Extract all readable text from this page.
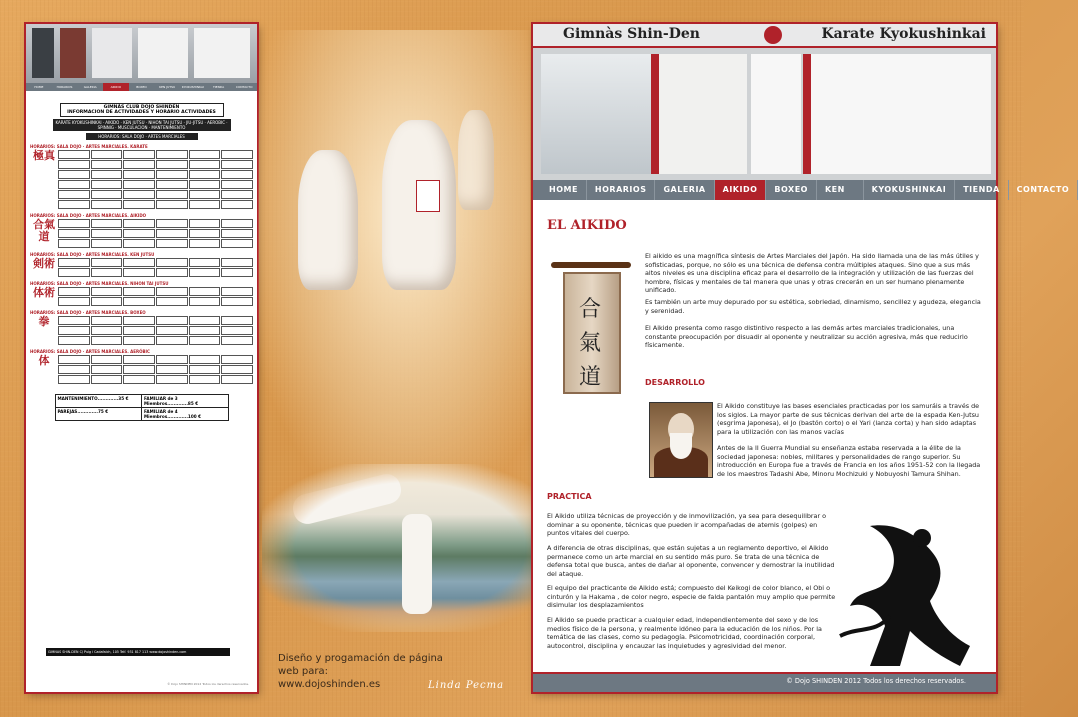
HOME	HORARIOS	GALERIA	AIKIDO	BOXEO	KEN JUTSU	KYOKUSHINKAI	TIENDA	CONTACTO
GIMNÀS CLUB DOJO SHINDEN
INFORMACION DE ACTIVIDADES Y HORARIO ACTIVIDADES
KARATE KYOKUSHINKAI · AIKIDO · KEN JUTSU · NIHON TAI JUTSU · JIU-JITSU · AEROBIC · SPINNIG · MUSCULACION · MANTENIMIENTO
HORARIOS: SALA DOJO · ARTES MARCIALES
HORARIOS: SALA DOJO · ARTES MARCIALES. KARATE
極真
HORARIOS: SALA DOJO · ARTES MARCIALES. AIKIDO
合氣道
HORARIOS: SALA DOJO · ARTES MARCIALES. KEN JUTSU
剣術
HORARIOS: SALA DOJO · ARTES MARCIALES. NIHON TAI JUTSU
体術
HORARIOS: SALA DOJO · ARTES MARCIALES. BOXEO
拳
HORARIOS: SALA DOJO · ARTES MARCIALES. AERÓBIC
体
MANTENIMIENTO.............35 €	FAMILIAR de 3 Miembros.............85 €
PAREJAS.............75 €	FAMILIAR de 4 Miembros.............100 €
GIMNAS SHIN-DEN C/ Puig i Cadafalch, 105 Telf. 931 817 113 www.dojoshinden.com
© Dojo SHINDEN 2012 Todos los derechos reservados.
Diseño y progamación de página
web para:
www.dojoshinden.es	Linda Pecma
Gimnàs Shin-Den	Karate Kyokushinkai
HOME	HORARIOS	GALERIA	AIKIDO	BOXEO	KEN JUTSU
KYOKUSHINKAI	TIENDA	CONTACTO
EL AIKIDO
合
氣
道
El aikido es una magnífica síntesis de Artes Marciales del Japón. Ha sido llamada una de las más útiles y sofisticadas, porque, no sólo es una técnica de defensa contra múltiples ataques. Sino que a sus más altos niveles es una disciplina eficaz para el desarrollo de la integración y utilización de las fuerzas del hombre, físicas y mentales de tal manera que unas y otras crecerán en un ser humano plenamente unificado.
Es también un arte muy depurado por su estética, sobriedad, dinamismo, sencillez y agudeza, elegancia y serenidad.
El Aikido presenta como rasgo distintivo respecto a las demás artes marciales tradicionales, una constante preocupación por disuadir al oponente y neutralizar su acción agresiva, más que reducirlo físicamente.
DESARROLLO
El Aikido constituye las bases esenciales practicadas por los samuráis a través de los siglos. La mayor parte de sus técnicas derivan del arte de la espada Ken-Jutsu (esgrima Japonesa), el Jo (bastón corto) o el Yari (lanza corta) y han sido adaptas para la utilización con las manos vacías
Antes de la II Guerra Mundial su enseñanza estaba reservada a la élite de la sociedad japonesa: nobles, militares y personalidades de rango superior. Su introducción en Europa fue a través de Francia en los años 1951-52 con la llegada de los maestros Tadashi Abe, Minoru Mochizuki y Nobuyoshi Tamura Shihan.
PRACTICA
El Aikido utiliza técnicas de proyección y de inmovilización, ya sea para desequilibrar o dominar a su oponente, técnicas que pueden ir acompañadas de atemis (golpes) en puntos vitales del cuerpo.
A diferencia de otras disciplinas, que están sujetas a un reglamento deportivo, el Aikido permanece como un arte marcial en su sentido más puro. Se trata de una técnica de defensa total que busca, antes de dañar al oponente, convencer y demostrar la inutilidad del ataque.
El equipo del practicante de Aikido está; compuesto del Keikogi de color blanco, el Obi o cinturón y la Hakama , de color negro, especie de falda pantalón muy amplio que permite disimular los desplazamientos
El Aikido se puede practicar a cualquier edad, independientemente del sexo y de los medios físico de la persona, y realmente idóneo para la educación de los niños. Por la temática de las clases, como su pedagogía. Psicomotricidad, coordinación corporal, autocontrol, disciplina y encauzar las inquietudes y agresividad del menor.
© Dojo SHINDEN 2012 Todos los derechos reservados.
